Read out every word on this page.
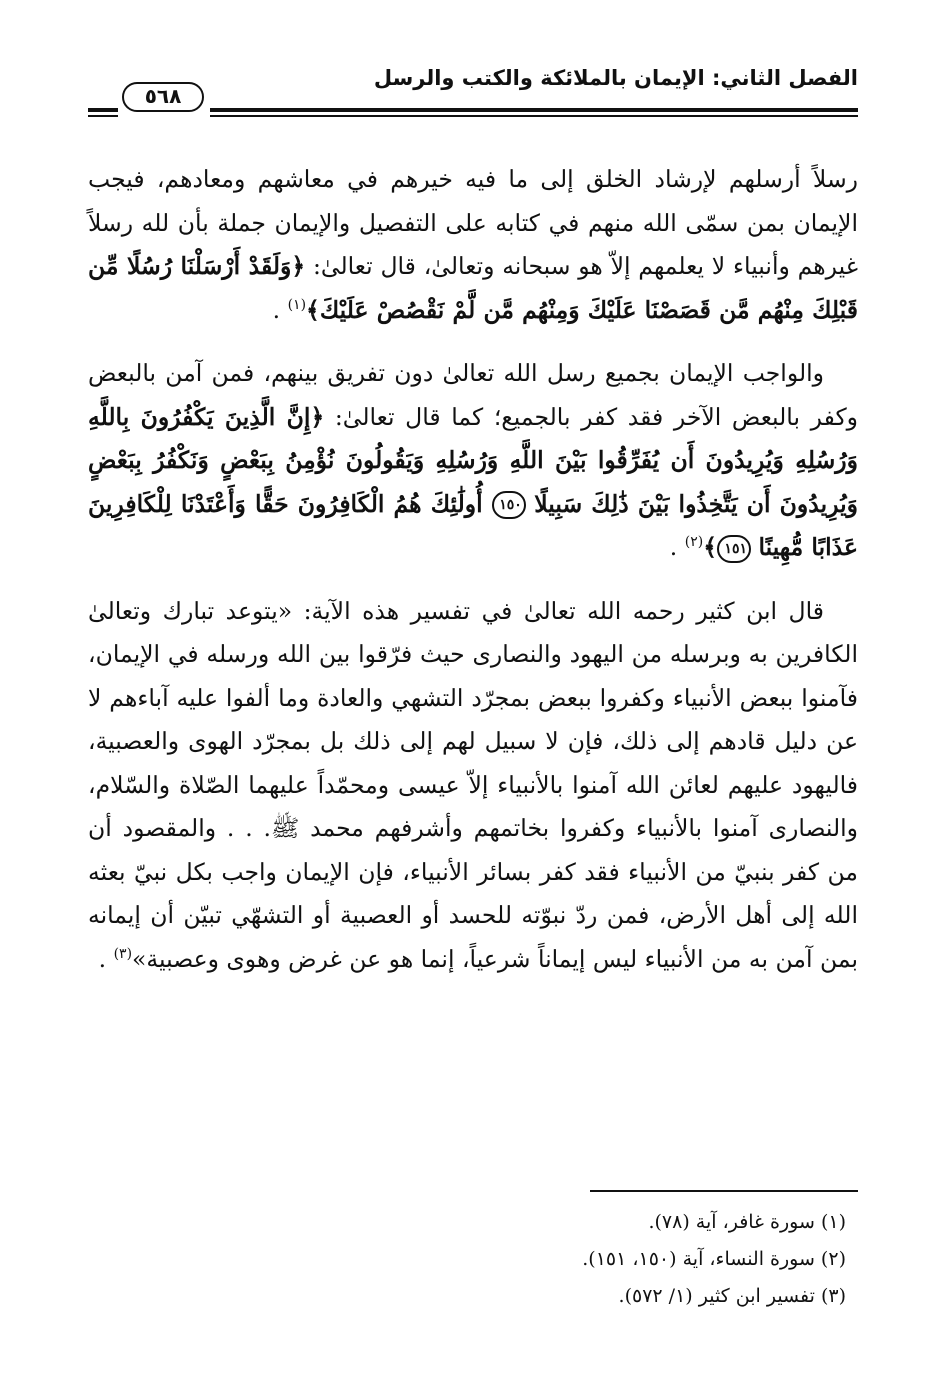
٥٦٨
الفصل الثاني: الإيمان بالملائكة والكتب والرسل

رسلاً أرسلهم لإرشاد الخلق إلى ما فيه خيرهم في معاشهم ومعادهم، فيجب الإيمان بمن سمّى الله منهم في كتابه على التفصيل والإيمان جملة بأن لله رسلاً غيرهم وأنبياء لا يعلمهم إلاّ هو سبحانه وتعالىٰ، قال تعالىٰ: ﴿وَلَقَدْ أَرْسَلْنَا رُسُلًا مِّن قَبْلِكَ مِنْهُم مَّن قَصَصْنَا عَلَيْكَ وَمِنْهُم مَّن لَّمْ نَقْصُصْ عَلَيْكَ﴾$^{(١)}$ .

والواجب الإيمان بجميع رسل الله تعالىٰ دون تفريق بينهم، فمن آمن بالبعض وكفر بالبعض الآخر فقد كفر بالجميع؛ كما قال تعالىٰ: ﴿إِنَّ الَّذِينَ يَكْفُرُونَ بِاللَّهِ وَرُسُلِهِ وَيُرِيدُونَ أَن يُفَرِّقُوا بَيْنَ اللَّهِ وَرُسُلِهِ وَيَقُولُونَ نُؤْمِنُ بِبَعْضٍ وَنَكْفُرُ بِبَعْضٍ وَيُرِيدُونَ أَن يَتَّخِذُوا بَيْنَ ذَٰلِكَ سَبِيلًا ١٥٠ أُولَٰئِكَ هُمُ الْكَافِرُونَ حَقًّا وَأَعْتَدْنَا لِلْكَافِرِينَ عَذَابًا مُّهِينًا ١٥١﴾$^{(٢)}$ .

قال ابن كثير رحمه الله تعالىٰ في تفسير هذه الآية: «يتوعد تبارك وتعالىٰ الكافرين به وبرسله من اليهود والنصارى حيث فرّقوا بين الله ورسله في الإيمان، فآمنوا ببعض الأنبياء وكفروا ببعض بمجرّد التشهي والعادة وما ألفوا عليه آباءهم لا عن دليل قادهم إلى ذلك، فإن لا سبيل لهم إلى ذلك بل بمجرّد الهوى والعصبية، فاليهود عليهم لعائن الله آمنوا بالأنبياء إلاّ عيسى ومحمّداً عليهما الصّلاة والسّلام، والنصارى آمنوا بالأنبياء وكفروا بخاتمهم وأشرفهم محمد ﷺ. . . والمقصود أن من كفر بنبيّ من الأنبياء فقد كفر بسائر الأنبياء، فإن الإيمان واجب بكل نبيّ بعثه الله إلى أهل الأرض، فمن ردّ نبوّته للحسد أو العصبية أو التشهّي تبيّن أن إيمانه بمن آمن به من الأنبياء ليس إيماناً شرعياً، إنما هو عن غرض وهوى وعصبية»$^{(٣)}$ .

(١) سورة غافر، آية (٧٨).
(٢) سورة النساء، آية (١٥٠، ١٥١).
(٣) تفسير ابن كثير (١/ ٥٧٢).
